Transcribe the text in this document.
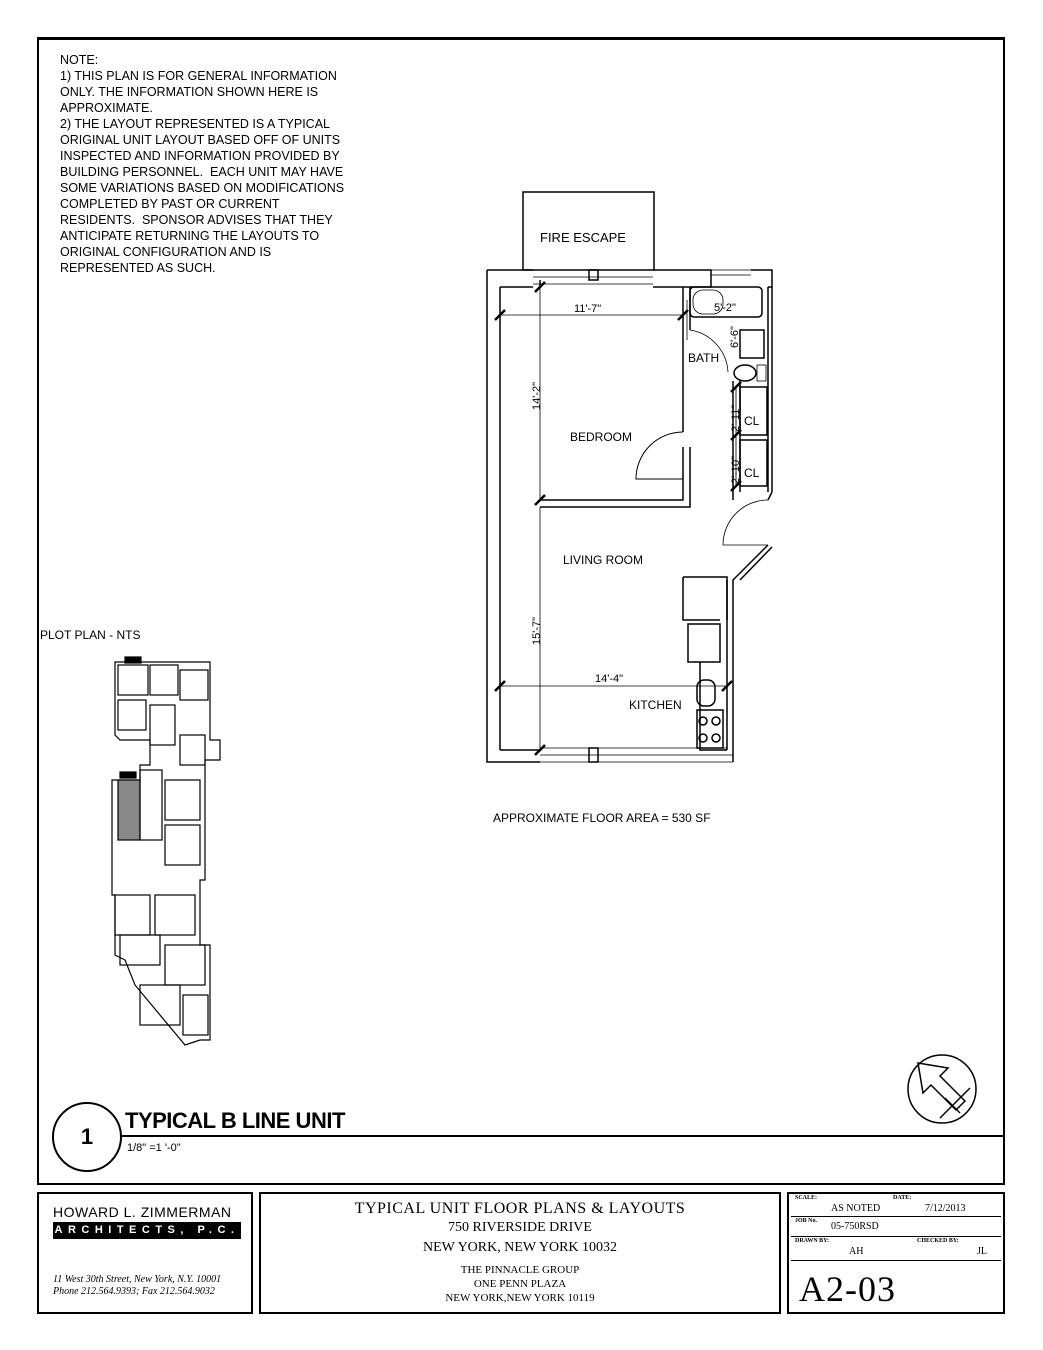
NOTE:
1) THIS PLAN IS FOR GENERAL INFORMATION
ONLY. THE INFORMATION SHOWN HERE IS
APPROXIMATE.
2) THE LAYOUT REPRESENTED IS A TYPICAL
ORIGINAL UNIT LAYOUT BASED OFF OF UNITS
INSPECTED AND INFORMATION PROVIDED BY
BUILDING PERSONNEL.  EACH UNIT MAY HAVE
SOME VARIATIONS BASED ON MODIFICATIONS
COMPLETED BY PAST OR CURRENT
RESIDENTS.  SPONSOR ADVISES THAT THEY
ANTICIPATE RETURNING THE LAYOUTS TO
ORIGINAL CONFIGURATION AND IS
REPRESENTED AS SUCH.
PLOT PLAN - NTS
FIRE ESCAPE
11'-7"	5'-2"
6'-6"
BATH
14'-2"
BEDROOM
2'-11" CL
2'-10" CL
LIVING ROOM
15'-7"
14'-4"
KITCHEN
APPROXIMATE FLOOR AREA = 530 SF
1
TYPICAL B LINE UNIT
1/8" =1 '-0"
HOWARD L. ZIMMERMAN
ARCHITECTS, P.C.
11 West 30th Street, New York, N.Y. 10001
Phone 212.564.9393; Fax 212.564.9032
TYPICAL UNIT FLOOR PLANS & LAYOUTS
750 RIVERSIDE DRIVE
NEW YORK, NEW YORK 10032
THE PINNACLE GROUP
ONE PENN PLAZA
NEW YORK,NEW YORK 10119
SCALE:
AS NOTED
DATE:
7/12/2013
JOB No. 05-750RSD
DRAWN BY:
AH
CHECKED BY:
JL
A2-03
